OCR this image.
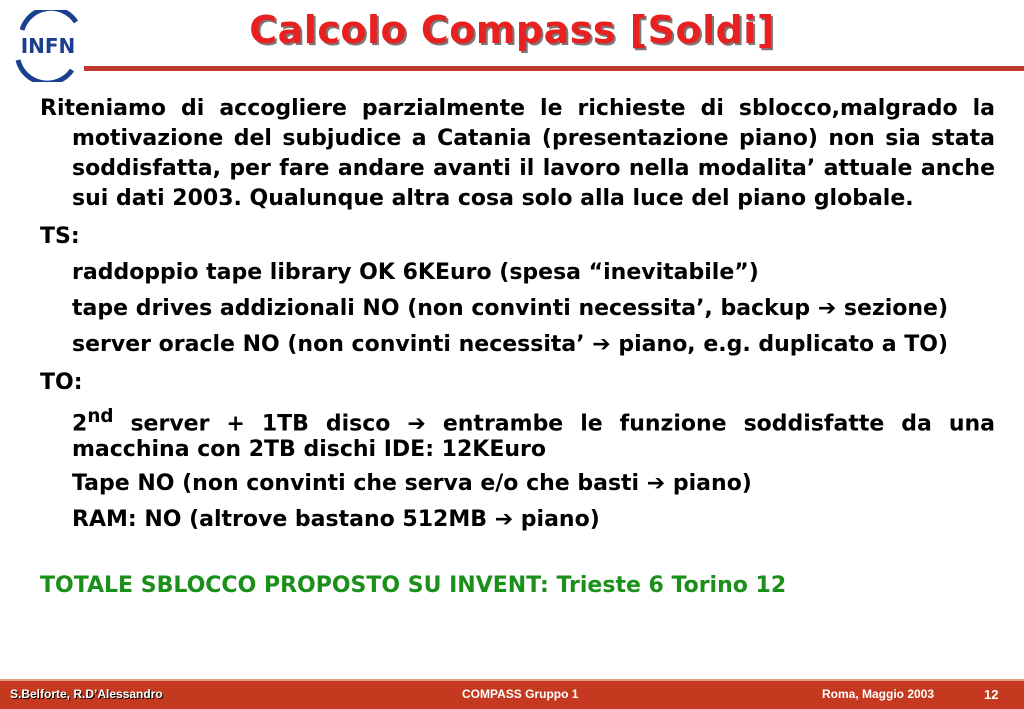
INFN	Calcolo Compass [Soldi]

Riteniamo di accogliere parzialmente le richieste di sblocco,malgrado la motivazione del subjudice a Catania (presentazione piano) non sia stata soddisfatta, per fare andare avanti il lavoro nella modalita’ attuale anche sui dati 2003. Qualunque altra cosa solo alla luce del piano globale.

TS:
raddoppio tape library OK 6KEuro (spesa “inevitabile”)
tape drives addizionali NO (non convinti necessita’, backup ➔ sezione)
server oracle NO (non convinti necessita’ ➔ piano, e.g. duplicato a TO)
TO:
2nd server + 1TB disco ➔ entrambe le funzione soddisfatte da una macchina con 2TB dischi IDE: 12KEuro
Tape NO (non convinti che serva e/o che basti ➔ piano)
RAM: NO (altrove bastano 512MB ➔ piano)
TOTALE SBLOCCO PROPOSTO SU INVENT: Trieste 6 Torino 12
S.Belforte, R.D’Alessandro	COMPASS Gruppo 1	Roma, Maggio 2003	12
